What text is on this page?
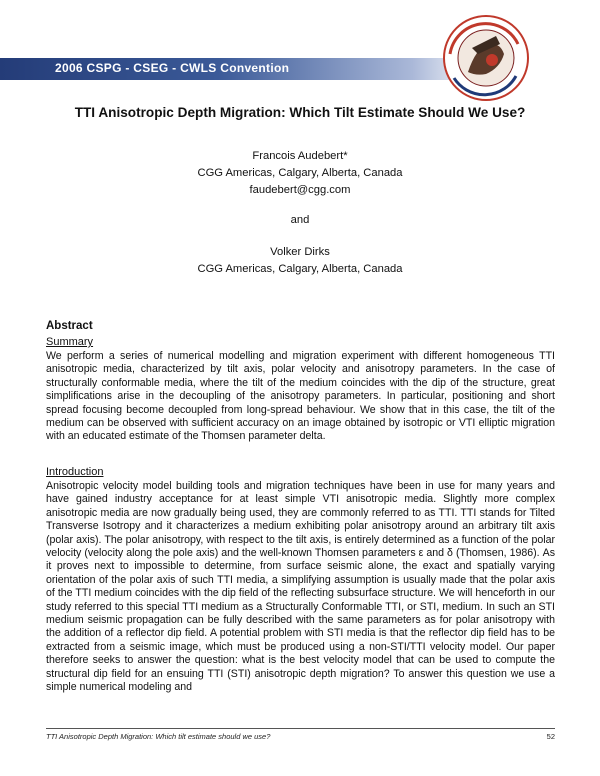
2006 CSPG - CSEG - CWLS Convention
TTI Anisotropic Depth Migration: Which Tilt Estimate Should We Use?
Francois Audebert*
CGG Americas, Calgary, Alberta, Canada
faudebert@cgg.com
and
Volker Dirks
CGG Americas, Calgary, Alberta, Canada
Abstract
Summary
We perform a series of numerical modelling and migration experiment with different homogeneous TTI anisotropic media, characterized by tilt axis, polar velocity and anisotropy parameters. In the case of structurally conformable media, where the tilt of the medium coincides with the dip of the structure, great simplifications arise in the decoupling of the anisotropy parameters. In particular, positioning and short spread focusing become decoupled from long-spread behaviour. We show that in this case, the tilt of the medium can be observed with sufficient accuracy on an image obtained by isotropic or VTI elliptic migration with an educated estimate of the Thomsen parameter delta.
Introduction
Anisotropic velocity model building tools and migration techniques have been in use for many years and have gained industry acceptance for at least simple VTI anisotropic media. Slightly more complex anisotropic media are now gradually being used, they are commonly referred to as TTI. TTI stands for Tilted Transverse Isotropy and it characterizes a medium exhibiting polar anisotropy around an arbitrary tilt axis (polar axis). The polar anisotropy, with respect to the tilt axis, is entirely determined as a function of the polar velocity (velocity along the pole axis) and the well-known Thomsen parameters ε and δ (Thomsen, 1986). As it proves next to impossible to determine, from surface seismic alone, the exact and spatially varying orientation of the polar axis of such TTI media, a simplifying assumption is usually made that the polar axis of the TTI medium coincides with the dip field of the reflecting subsurface structure. We will henceforth in our study referred to this special TTI medium as a Structurally Conformable TTI, or STI, medium. In such an STI medium seismic propagation can be fully described with the same parameters as for polar anisotropy with the addition of a reflector dip field. A potential problem with STI media is that the reflector dip field has to be extracted from a seismic image, which must be produced using a non-STI/TTI velocity model. Our paper therefore seeks to answer the question: what is the best velocity model that can be used to compute the structural dip field for an ensuing TTI (STI) anisotropic depth migration? To answer this question we use a simple numerical modeling and
TTI Anisotropic Depth Migration: Which tilt estimate should we use?	52
